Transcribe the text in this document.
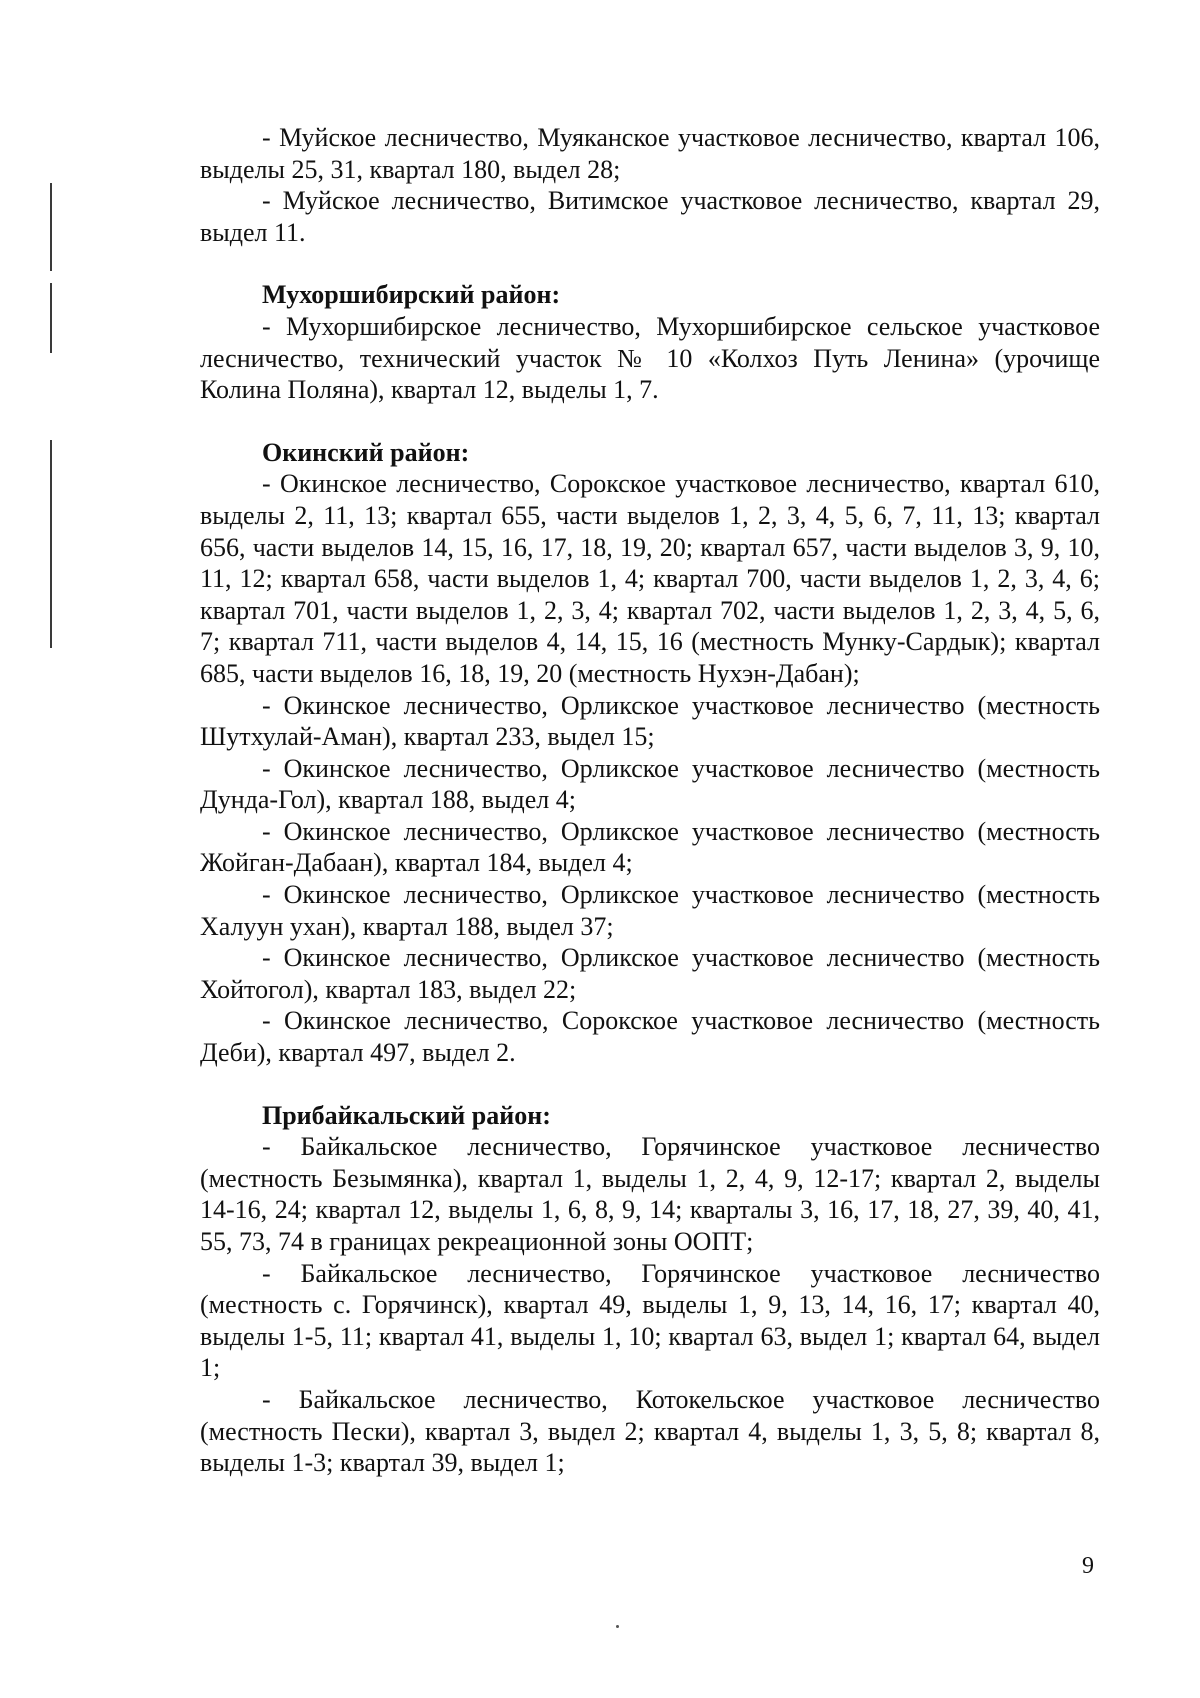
- Муйское лесничество, Муяканское участковое лесничество, квартал 106, выделы 25, 31, квартал 180, выдел 28;

- Муйское лесничество, Витимское участковое лесничество, квартал 29, выдел 11.

Мухоршибирский район:

- Мухоршибирское лесничество, Мухоршибирское сельское участковое лесничество, технический участок № 10 «Колхоз Путь Ленина» (урочище Колина Поляна), квартал 12, выделы 1, 7.

Окинский район:

- Окинское лесничество, Сорокское участковое лесничество, квартал 610, выделы 2, 11, 13; квартал 655, части выделов 1, 2, 3, 4, 5, 6, 7, 11, 13; квартал 656, части выделов 14, 15, 16, 17, 18, 19, 20; квартал 657, части выделов 3, 9, 10, 11, 12; квартал 658, части выделов 1, 4; квартал 700, части выделов 1, 2, 3, 4, 6; квартал 701, части выделов 1, 2, 3, 4; квартал 702, части выделов 1, 2, 3, 4, 5, 6, 7; квартал 711, части выделов 4, 14, 15, 16 (местность Мунку-Сардык); квартал 685, части выделов 16, 18, 19, 20 (местность Нухэн-Дабан);

- Окинское лесничество, Орликское участковое лесничество (местность Шутхулай-Аман), квартал 233, выдел 15;

- Окинское лесничество, Орликское участковое лесничество (местность Дунда-Гол), квартал 188, выдел 4;

- Окинское лесничество, Орликское участковое лесничество (местность Жойган-Дабаан), квартал 184, выдел 4;

- Окинское лесничество, Орликское участковое лесничество (местность Халуун ухан), квартал 188, выдел 37;

- Окинское лесничество, Орликское участковое лесничество (местность Хойтогол), квартал 183, выдел 22;

- Окинское лесничество, Сорокское участковое лесничество (местность Деби), квартал 497, выдел 2.

Прибайкальский район:

- Байкальское лесничество, Горячинское участковое лесничество (местность Безымянка), квартал 1, выделы 1, 2, 4, 9, 12-17; квартал 2, выделы 14-16, 24; квартал 12, выделы 1, 6, 8, 9, 14; кварталы 3, 16, 17, 18, 27, 39, 40, 41, 55, 73, 74 в границах рекреационной зоны ООПТ;

- Байкальское лесничество, Горячинское участковое лесничество (местность с. Горячинск), квартал 49, выделы 1, 9, 13, 14, 16, 17; квартал 40, выделы 1-5, 11; квартал 41, выделы 1, 10; квартал 63, выдел 1; квартал 64, выдел 1;

- Байкальское лесничество, Котокельское участковое лесничество (местность Пески), квартал 3, выдел 2; квартал 4, выделы 1, 3, 5, 8; квартал 8, выделы 1-3; квартал 39, выдел 1;

9
